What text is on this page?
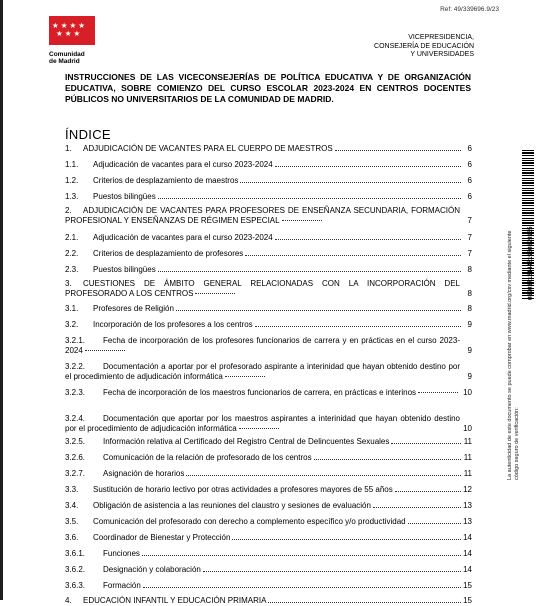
Ref: 49/339696.9/23
★ ★ ★ ★
★ ★ ★
Comunidad
de Madrid
VICEPRESIDENCIA,
CONSEJERÍA DE EDUCACIÓN
Y UNIVERSIDADES
INSTRUCCIONES DE LAS VICECONSEJERÍAS DE POLÍTICA EDUCATIVA Y DE ORGANIZACIÓN EDUCATIVA, SOBRE COMIENZO DEL CURSO ESCOLAR 2023-2024 EN CENTROS DOCENTES PÚBLICOS NO UNIVERSITARIOS DE LA COMUNIDAD DE MADRID.
ÍNDICE
1.	ADJUDICACIÓN DE VACANTES PARA EL CUERPO DE MAESTROS	6
1.1.	Adjudicación de vacantes para el curso 2023-2024	6
1.2.	Criterios de desplazamiento de maestros	6
1.3.	Puestos bilingües	6
2. ADJUDICACIÓN DE VACANTES PARA PROFESORES DE ENSEÑANZA SECUNDARIA, FORMACIÓN PROFESIONAL Y ENSEÑANZAS DE RÉGIMEN ESPECIAL	7
2.1.	Adjudicación de vacantes para el curso 2023-2024	7
2.2.	Criterios de desplazamiento de profesores	7
2.3.	Puestos bilingües	8
3. CUESTIONES DE ÁMBITO GENERAL RELACIONADAS CON LA INCORPORACIÓN DEL PROFESORADO A LOS CENTROS	8
3.1.	Profesores de Religión	8
3.2.	Incorporación de los profesores a los centros	9
3.2.1. Fecha de incorporación de los profesores funcionarios de carrera y en prácticas en el curso 2023-2024	9
3.2.2. Documentación a aportar por el profesorado aspirante a interinidad que hayan obtenido destino por el procedimiento de adjudicación informática	9
3.2.3. Fecha de incorporación de los maestros funcionarios de carrera, en prácticas e interinos	10
3.2.4. Documentación que aportar por los maestros aspirantes a interinidad que hayan obtenido destino por el procedimiento de adjudicación informática	10
3.2.5.	Información relativa al Certificado del Registro Central de Delincuentes Sexuales	11
3.2.6.	Comunicación de la relación de profesorado de los centros	11
3.2.7.	Asignación de horarios	11
3.3.	Sustitución de horario lectivo por otras actividades a profesores mayores de 55 años	12
3.4.	Obligación de asistencia a las reuniones del claustro y sesiones de evaluación	13
3.5.	Comunicación del profesorado con derecho a complemento específico y/o productividad	13
3.6.	Coordinador de Bienestar y Protección	14
3.6.1.	Funciones	14
3.6.2.	Designación y colaboración	14
3.6.3.	Formación	15
4.	EDUCACIÓN INFANTIL Y EDUCACIÓN PRIMARIA	15
0890371214431930899135
La autenticidad de este documento se puede comprobar en www.madrid.org/csv mediante el siguiente código seguro de verificación:
